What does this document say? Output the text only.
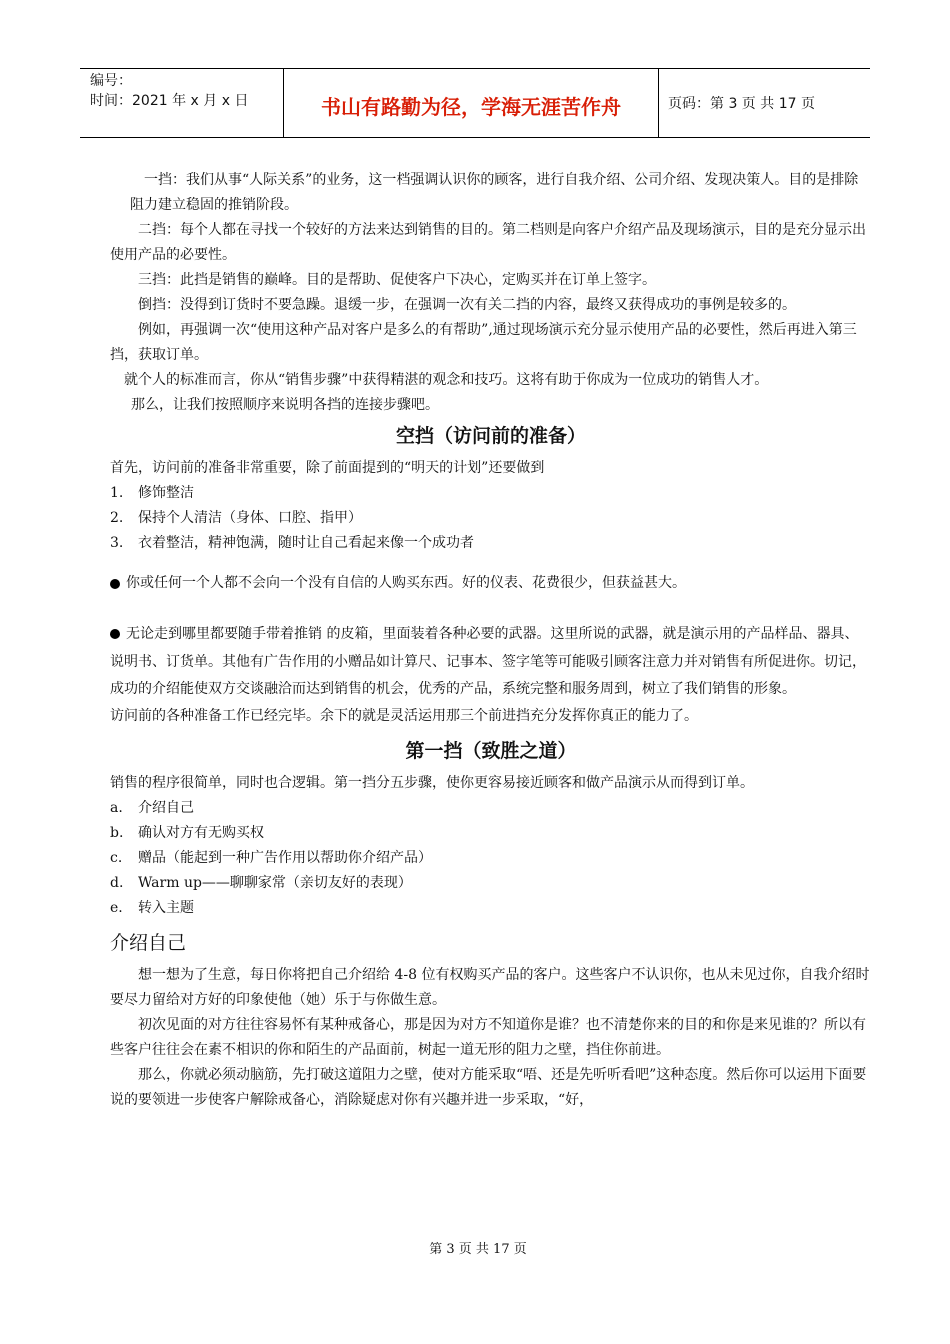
编号：
时间：2021 年 x 月 x 日	书山有路勤为径，学海无涯苦作舟	页码：第 3 页 共 17 页

一挡：我们从事“人际关系”的业务，这一档强调认识你的顾客，进行自我介绍、公司介绍、发现决策人。目的是排除阻力建立稳固的推销阶段。

二挡：每个人都在寻找一个较好的方法来达到销售的目的。第二档则是向客户介绍产品及现场演示，目的是充分显示出使用产品的必要性。

三挡：此挡是销售的巅峰。目的是帮助、促使客户下决心，定购买并在订单上签字。

倒挡：没得到订货时不要急躁。退缓一步，在强调一次有关二挡的内容，最终又获得成功的事例是较多的。

例如，再强调一次“使用这种产品对客户是多么的有帮助”,通过现场演示充分显示使用产品的必要性，然后再进入第三挡，获取订单。

就个人的标准而言，你从“销售步骤”中获得精湛的观念和技巧。这将有助于你成为一位成功的销售人才。

那么，让我们按照顺序来说明各挡的连接步骤吧。

空挡（访问前的准备）

首先，访问前的准备非常重要，除了前面提到的“明天的计划”还要做到

1.	修饰整洁
2.	保持个人清洁（身体、口腔、指甲）
3.	衣着整洁，精神饱满，随时让自己看起来像一个成功者
你或任何一个人都不会向一个没有自信的人购买东西。好的仪表、花费很少，但获益甚大。

无论走到哪里都要随手带着推销 的皮箱，里面装着各种必要的武器。这里所说的武器，就是演示用的产品样品、器具、说明书、订货单。其他有广告作用的小赠品如计算尺、记事本、签字笔等可能吸引顾客注意力并对销售有所促进你。切记，成功的介绍能使双方交谈融洽而达到销售的机会，优秀的产品，系统完整和服务周到，树立了我们销售的形象。

访问前的各种准备工作已经完毕。余下的就是灵活运用那三个前进挡充分发挥你真正的能力了。

第一挡（致胜之道）

销售的程序很简单，同时也合逻辑。第一挡分五步骤，使你更容易接近顾客和做产品演示从而得到订单。

a.	介绍自己
b.	确认对方有无购买权
c.	赠品（能起到一种广告作用以帮助你介绍产品）
d.	Warm up——聊聊家常（亲切友好的表现）
e.	转入主题
介绍自己

想一想为了生意，每日你将把自己介绍给 4-8 位有权购买产品的客户。这些客户不认识你，也从未见过你，自我介绍时要尽力留给对方好的印象使他（她）乐于与你做生意。

初次见面的对方往往容易怀有某种戒备心，那是因为对方不知道你是谁？也不清楚你来的目的和你是来见谁的？所以有些客户往往会在素不相识的你和陌生的产品面前，树起一道无形的阻力之壁，挡住你前进。

那么，你就必须动脑筋，先打破这道阻力之壁，使对方能采取“唔、还是先听听看吧”这种态度。然后你可以运用下面要说的要领进一步使客户解除戒备心，消除疑虑对你有兴趣并进一步采取，“好，

第 3 页 共 17 页
